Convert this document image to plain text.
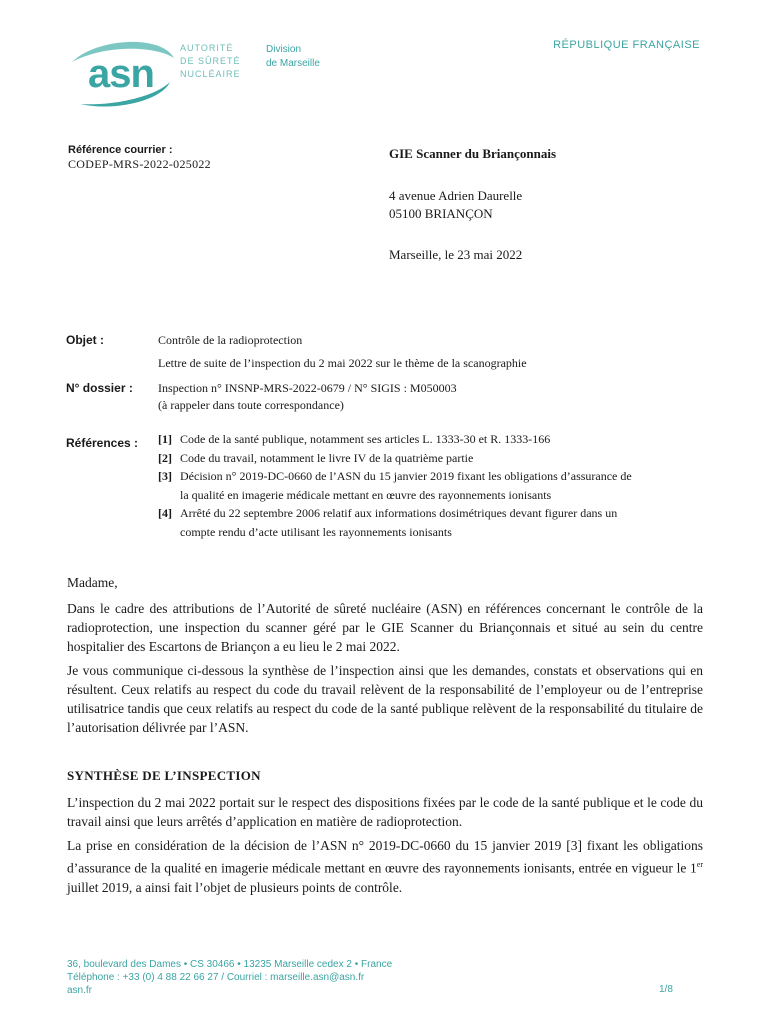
asn
AUTORITÉ
DE SÛRETÉ
NUCLÉAIRE
Division
de Marseille
RÉPUBLIQUE FRANÇAISE
Référence courrier :
CODEP-MRS-2022-025022
GIE Scanner du Briançonnais
4 avenue Adrien Daurelle
05100 BRIANÇON
Marseille, le 23 mai 2022
Objet :	Contrôle de la radioprotection
Lettre de suite de l’inspection du 2 mai 2022 sur le thème de la scanographie
N° dossier : Inspection n° INSNP-MRS-2022-0679 / N° SIGIS : M050003
(à rappeler dans toute correspondance)
Références : [1] Code de la santé publique, notamment ses articles L. 1333-30 et R. 1333-166
[2] Code du travail, notamment le livre IV de la quatrième partie
[3] Décision n° 2019-DC-0660 de l’ASN du 15 janvier 2019 fixant les obligations d’assurance de
la qualité en imagerie médicale mettant en œuvre des rayonnements ionisants
[4] Arrêté du 22 septembre 2006 relatif aux informations dosimétriques devant figurer dans un
compte rendu d’acte utilisant les rayonnements ionisants
Madame,

Dans le cadre des attributions de l’Autorité de sûreté nucléaire (ASN) en références concernant le contrôle de la radioprotection, une inspection du scanner géré par le GIE Scanner du Briançonnais et situé au sein du centre hospitalier des Escartons de Briançon a eu lieu le 2 mai 2022.

Je vous communique ci-dessous la synthèse de l’inspection ainsi que les demandes, constats et observations qui en résultent. Ceux relatifs au respect du code du travail relèvent de la responsabilité de l’employeur ou de l’entreprise utilisatrice tandis que ceux relatifs au respect du code de la santé publique relèvent de la responsabilité du titulaire de l’autorisation délivrée par l’ASN.

SYNTHÈSE DE L’INSPECTION

L’inspection du 2 mai 2022 portait sur le respect des dispositions fixées par le code de la santé publique et le code du travail ainsi que leurs arrêtés d’application en matière de radioprotection.

La prise en considération de la décision de l’ASN n° 2019-DC-0660 du 15 janvier 2019 [3] fixant les obligations d’assurance de la qualité en imagerie médicale mettant en œuvre des rayonnements ionisants, entrée en vigueur le 1er juillet 2019, a ainsi fait l’objet de plusieurs points de contrôle.

36, boulevard des Dames • CS 30466 • 13235 Marseille cedex 2 • France
Téléphone : +33 (0) 4 88 22 66 27 / Courriel : marseille.asn@asn.fr
asn.fr	1/8
